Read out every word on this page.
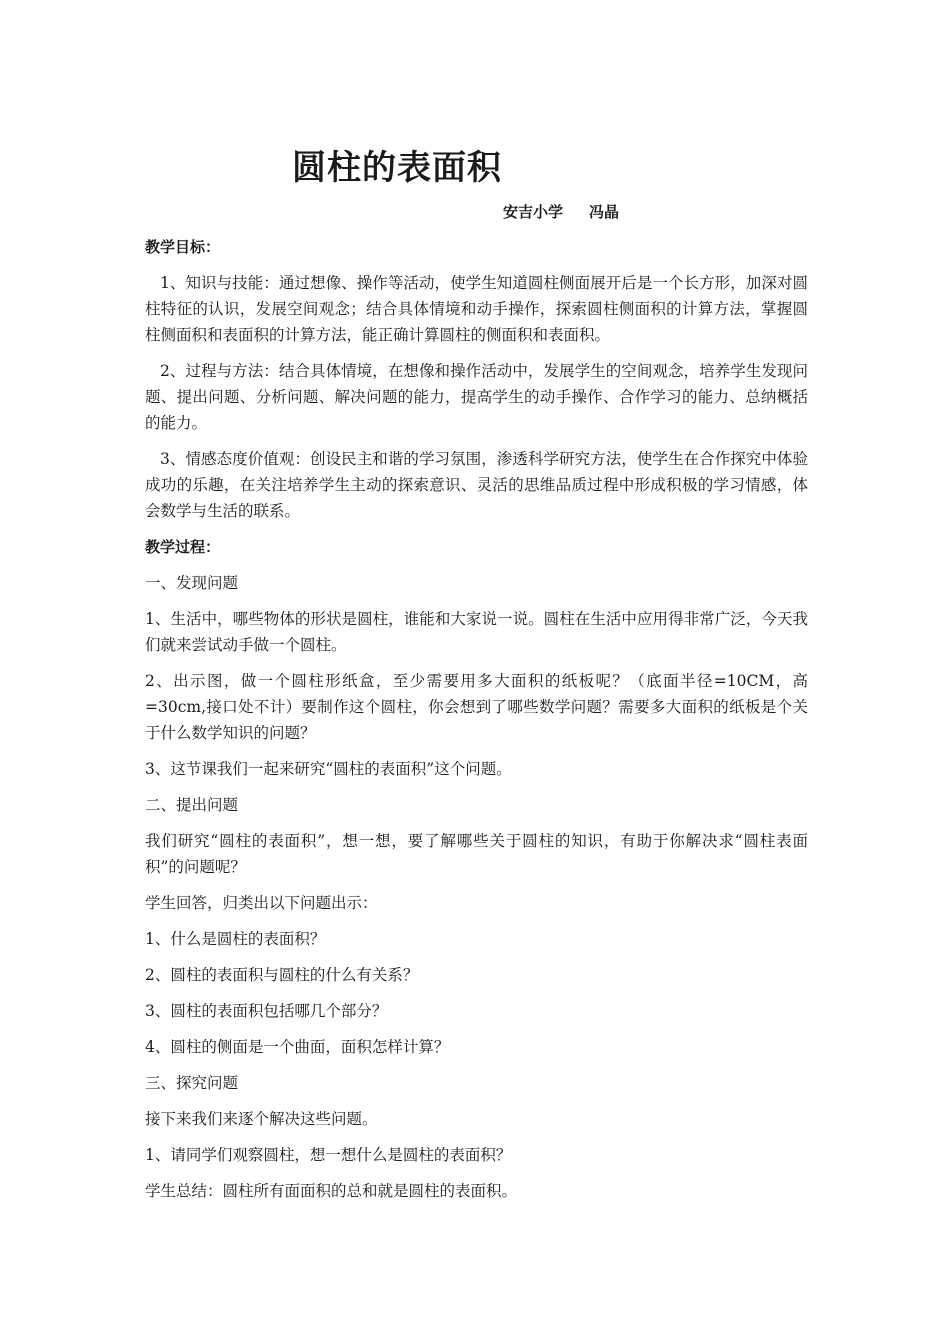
圆柱的表面积
安吉小学 冯晶

教学目标：

1、知识与技能：通过想像、操作等活动，使学生知道圆柱侧面展开后是一个长方形，加深对圆柱特征的认识，发展空间观念；结合具体情境和动手操作，探索圆柱侧面积的计算方法，掌握圆柱侧面积和表面积的计算方法，能正确计算圆柱的侧面积和表面积。

2、过程与方法：结合具体情境，在想像和操作活动中，发展学生的空间观念，培养学生发现问题、提出问题、分析问题、解决问题的能力，提高学生的动手操作、合作学习的能力、总纳概括的能力。

3、情感态度价值观：创设民主和谐的学习氛围，渗透科学研究方法，使学生在合作探究中体验成功的乐趣，在关注培养学生主动的探索意识、灵活的思维品质过程中形成积极的学习情感，体会数学与生活的联系。

教学过程：

一、发现问题

1、生活中，哪些物体的形状是圆柱，谁能和大家说一说。圆柱在生活中应用得非常广泛，今天我们就来尝试动手做一个圆柱。

2、出示图，做一个圆柱形纸盒，至少需要用多大面积的纸板呢？（底面半径=10CM，高=30cm,接口处不计）要制作这个圆柱，你会想到了哪些数学问题？需要多大面积的纸板是个关于什么数学知识的问题？

3、这节课我们一起来研究“圆柱的表面积”这个问题。

二、提出问题

我们研究“圆柱的表面积”，想一想，要了解哪些关于圆柱的知识，有助于你解决求“圆柱表面积”的问题呢？

学生回答，归类出以下问题出示：

1、什么是圆柱的表面积？

2、圆柱的表面积与圆柱的什么有关系？

3、圆柱的表面积包括哪几个部分？

4、圆柱的侧面是一个曲面，面积怎样计算？

三、探究问题

接下来我们来逐个解决这些问题。

1、请同学们观察圆柱，想一想什么是圆柱的表面积？

学生总结：圆柱所有面面积的总和就是圆柱的表面积。
